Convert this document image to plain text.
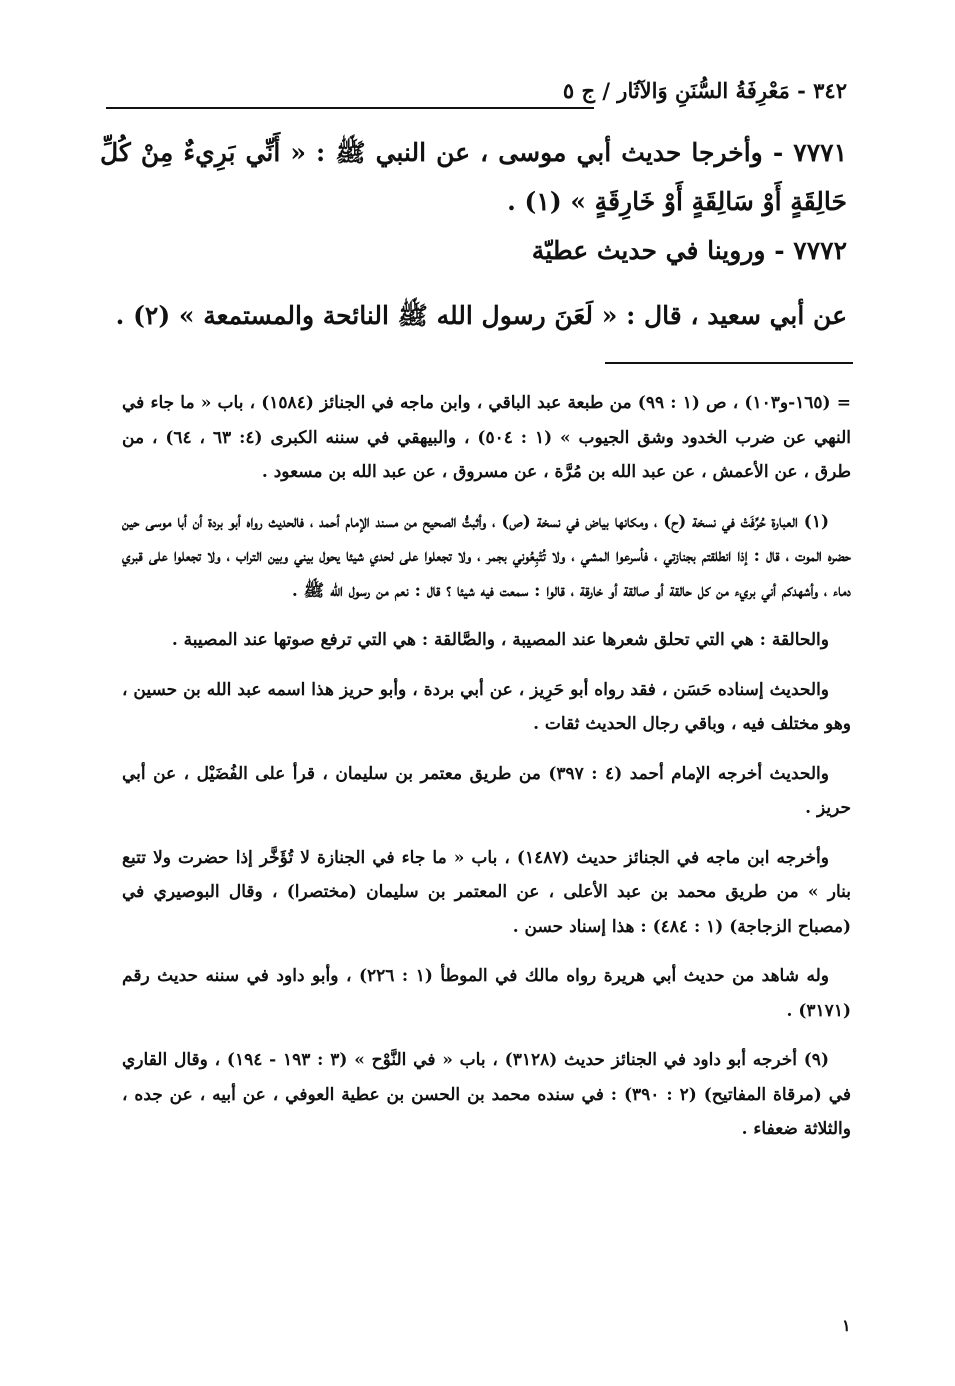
٣٤٢ - مَعْرِفَةُ السُّنَنِ وَالآثَار / ج ٥

٧٧٧١ - وأخرجا حديث أبي موسى ، عن النبي ﷺ : « أَنِّي بَرِيءٌ مِنْ كُلِّ حَالِقَةٍ أَوْ سَالِقَةٍ أَوْ خَارِقَةٍ » (١) .

٧٧٧٢ - وروينا في حديث عطيّة

عن أبي سعيد ، قال : « لَعَنَ رسول الله ﷺ النائحة والمستمعة » (٢) .

= (١٦٥-و١٠٣) ، ص (١ : ٩٩) من طبعة عبد الباقي ، وابن ماجه في الجنائز (١٥٨٤) ، باب « ما جاء في النهي عن ضرب الخدود وشق الجيوب » (١ : ٥٠٤) ، والبيهقي في سننه الكبرى (٤: ٦٣ ، ٦٤) ، من طرق ، عن الأعمش ، عن عبد الله بن مُرَّة ، عن مسروق ، عن عبد الله بن مسعود .

(١) العبارة حُرِّفَتْ في نسخة (ح) ، ومكانها بياض في نسخة (ص) ، وأثبتُّ الصحيح من مسند الإمام أحمد ، فالحديث رواه أبو بردة أن أبا موسى حين حضره الموت ، قال : إذا انطلقتم بجنازتي ، فأسرعوا المشي ، ولا تُتْبِعُوني بجمر ، ولا تجعلوا على لحدي شيئا يحول بيني وبين التراب ، ولا تجعلوا على قبري دماء ، وأشهدكم أني بريء من كل حالقة أو صالقة أو خارقة ، قالوا : سمعت فيه شيئا ؟ قال : نعم من رسول الله ﷺ .

والحالقة : هي التي تحلق شعرها عند المصيبة ، والصَّالقة : هي التي ترفع صوتها عند المصيبة .

والحديث إسناده حَسَن ، فقد رواه أبو حَرِيز ، عن أبي بردة ، وأبو حريز هذا اسمه عبد الله بن حسين ، وهو مختلف فيه ، وباقي رجال الحديث ثقات .

والحديث أخرجه الإمام أحمد (٤ : ٣٩٧) من طريق معتمر بن سليمان ، قرأ على الفُضَيْل ، عن أبي حريز .

وأخرجه ابن ماجه في الجنائز حديث (١٤٨٧) ، باب « ما جاء في الجنازة لا تُؤَخَّر إذا حضرت ولا تتبع بنار » من طريق محمد بن عبد الأعلى ، عن المعتمر بن سليمان (مختصرا) ، وقال البوصيري في (مصباح الزجاجة) (١ : ٤٨٤) : هذا إسناد حسن .

وله شاهد من حديث أبي هريرة رواه مالك في الموطأ (١ : ٢٢٦) ، وأبو داود في سننه حديث رقم (٣١٧١) .

(٩) أخرجه أبو داود في الجنائز حديث (٣١٢٨) ، باب « في النَّوْح » (٣ : ١٩٣ - ١٩٤) ، وقال القاري في (مرقاة المفاتيح) (٢ : ٣٩٠) : في سنده محمد بن الحسن بن عطية العوفي ، عن أبيه ، عن جده ، والثلاثة ضعفاء .

١
